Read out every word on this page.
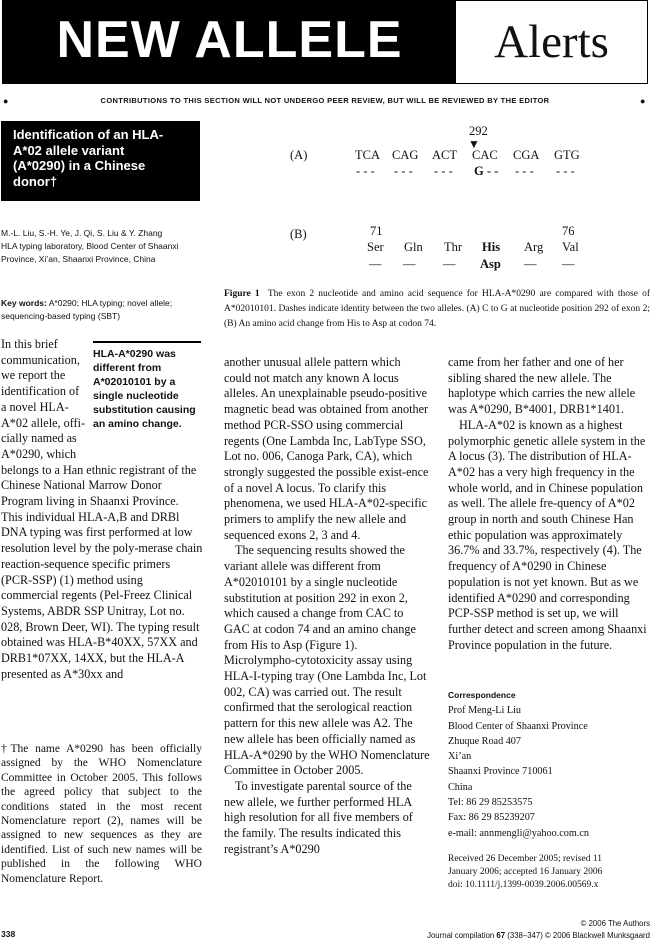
NEW ALLELE	Alerts
●	CONTRIBUTIONS TO THIS SECTION WILL NOT UNDERGO PEER REVIEW, BUT WILL BE REVIEWED BY THE EDITOR	●
Identification of an HLA-
A*02 allele variant
(A*0290) in a Chinese
donor†
M.-L. Liu, S.-H. Ye, J. Qi, S. Liu & Y. Zhang
HLA typing laboratory, Blood Center of Shaanxi Province, Xi’an, Shaanxi Province, China
Key words: A*0290; HLA typing; novel allele; sequencing-based typing (SBT)
In this brief
communication,
we report the
identification of
a novel HLA-
A*02 allele, offi-
cially named as
A*0290, which

belongs to a Han ethnic registrant of the Chinese National Marrow Donor Program living in Shaanxi Province. This individual HLA-A,B and DRBl DNA typing was first performed at low resolution level by the poly-merase chain reaction-sequence specific primers (PCR-SSP) (1) method using commercial regents (Pel-Freez Clinical Systems, ABDR SSP Unitray, Lot no. 028, Brown Deer, WI). The typing result obtained was HLA-B*40XX, 57XX and DRB1*07XX, 14XX, but the HLA-A presented as A*30xx and

HLA-A*0290 was different from A*02010101 by a single nucleotide substitution causing an amino change.
†The name A*0290 has been officially assigned by the WHO Nomenclature Committee in October 2005. This follows the agreed policy that subject to the conditions stated in the most recent Nomenclature report (2), names will be assigned to new sequences as they are identified. List of such new names will be published in the following WHO Nomenclature Report.
292
▼
(A)	TCA CAG ACT CAC CGA GTG
- - - - - - - - - G - - - - - - - -
(B)	71	76
Ser Gln Thr His Arg Val
— — — Asp — —
Figure 1 The exon 2 nucleotide and amino acid sequence for HLA-A*0290 are compared with those of A*02010101. Dashes indicate identity between the two alleles. (A) C to G at nucleotide position 292 of exon 2; (B) An amino acid change from His to Asp at codon 74.

another unusual allele pattern which could not match any known A locus alleles. An unexplainable pseudo-positive magnetic bead was obtained from another method PCR-SSO using commercial regents (One Lambda Inc, LabType SSO, Lot no. 006, Canoga Park, CA), which strongly suggested the possible exist-ence of a novel A locus. To clarify this phenomena, we used HLA-A*02-specific primers to amplify the new allele and sequenced exons 2, 3 and 4.

The sequencing results showed the variant allele was different from A*02010101 by a single nucleotide substitution at position 292 in exon 2, which caused a change from CAC to GAC at codon 74 and an amino change from His to Asp (Figure 1). Microlympho-cytotoxicity assay using HLA-I-typing tray (One Lambda Inc, Lot 002, CA) was carried out. The result confirmed that the serological reaction pattern for this new allele was A2. The new allele has been officially named as HLA-A*0290 by the WHO Nomenclature Committee in October 2005.

To investigate parental source of the new allele, we further performed HLA high resolution for all five members of the family. The results indicated this registrant’s A*0290

came from her father and one of her sibling shared the new allele. The haplotype which carries the new allele was A*0290, B*4001, DRB1*1401.

HLA-A*02 is known as a highest polymorphic genetic allele system in the A locus (3). The distribution of HLA-A*02 has a very high frequency in the whole world, and in Chinese population as well. The allele fre-quency of A*02 group in north and south Chinese Han ethic population was approximately 36.7% and 33.7%, respectively (4). The frequency of A*0290 in Chinese population is not yet known. But as we identified A*0290 and corresponding PCP-SSP method is set up, we will further detect and screen among Shaanxi Province population in the future.

Correspondence
Prof Meng-Li Liu
Blood Center of Shaanxi Province
Zhuque Road 407
Xi’an
Shaanxi Province 710061
China
Tel: 86 29 85253575
Fax: 86 29 85239207
e-mail: annmengli@yahoo.com.cn
Received 26 December 2005; revised 11
January 2006; accepted 16 January 2006
doi: 10.1111/j.1399-0039.2006.00569.x
338
© 2006 The Authors
Journal compilation 67 (338–347) © 2006 Blackwell Munksgaard
